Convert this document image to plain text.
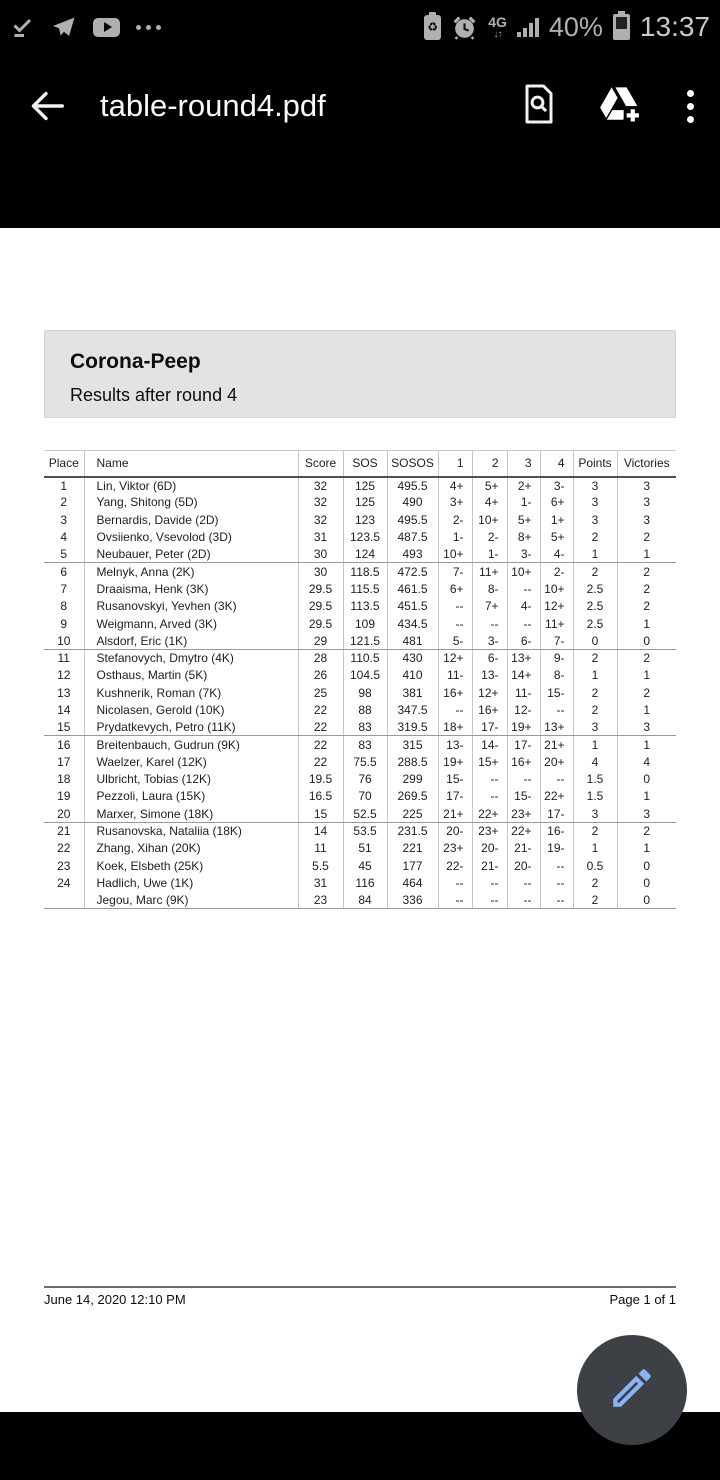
♻	4G
↓↑ 40% 13:37
table-round4.pdf
Corona-Peep
Results after round 4
Place	Name	Score	SOS	SOSOS	1	2	3	4	Points	Victories
1	Lin, Viktor (6D)	32	125	495.5	4+	5+	2+	3-	3	3
2	Yang, Shitong (5D)	32	125	490	3+	4+	1-	6+	3	3
3	Bernardis, Davide (2D)	32	123	495.5	2-	10+	5+	1+	3	3
4	Ovsiienko, Vsevolod (3D)	31	123.5	487.5	1-	2-	8+	5+	2	2
5	Neubauer, Peter (2D)	30	124	493	10+	1-	3-	4-	1	1
6	Melnyk, Anna (2K)	30	118.5	472.5	7-	11+	10+	2-	2	2
7	Draaisma, Henk (3K)	29.5	115.5	461.5	6+	8-	--	10+	2.5	2
8	Rusanovskyi, Yevhen (3K)	29.5	113.5	451.5	--	7+	4-	12+	2.5	2
9	Weigmann, Arved (3K)	29.5	109	434.5	--	--	--	11+	2.5	1
10	Alsdorf, Eric (1K)	29	121.5	481	5-	3-	6-	7-	0	0
11	Stefanovych, Dmytro (4K)	28	110.5	430	12+	6-	13+	9-	2	2
12	Osthaus, Martin (5K)	26	104.5	410	11-	13-	14+	8-	1	1
13	Kushnerik, Roman (7K)	25	98	381	16+	12+	11-	15-	2	2
14	Nicolasen, Gerold (10K)	22	88	347.5	--	16+	12-	--	2	1
15	Prydatkevych, Petro (11K)	22	83	319.5	18+	17-	19+	13+	3	3
16	Breitenbauch, Gudrun (9K)	22	83	315	13-	14-	17-	21+	1	1
17	Waelzer, Karel (12K)	22	75.5	288.5	19+	15+	16+	20+	4	4
18	Ulbricht, Tobias (12K)	19.5	76	299	15-	--	--	--	1.5	0
19	Pezzoli, Laura (15K)	16.5	70	269.5	17-	--	15-	22+	1.5	1
20	Marxer, Simone (18K)	15	52.5	225	21+	22+	23+	17-	3	3
21	Rusanovska, Nataliia (18K)	14	53.5	231.5	20-	23+	22+	16-	2	2
22	Zhang, Xihan (20K)	11	51	221	23+	20-	21-	19-	1	1
23	Koek, Elsbeth (25K)	5.5	45	177	22-	21-	20-	--	0.5	0
24	Hadlich, Uwe (1K)	31	116	464	--	--	--	--	2	0
	Jegou, Marc (9K)	23	84	336	--	--	--	--	2	0
June 14, 2020 12:10 PM	Page 1 of 1
